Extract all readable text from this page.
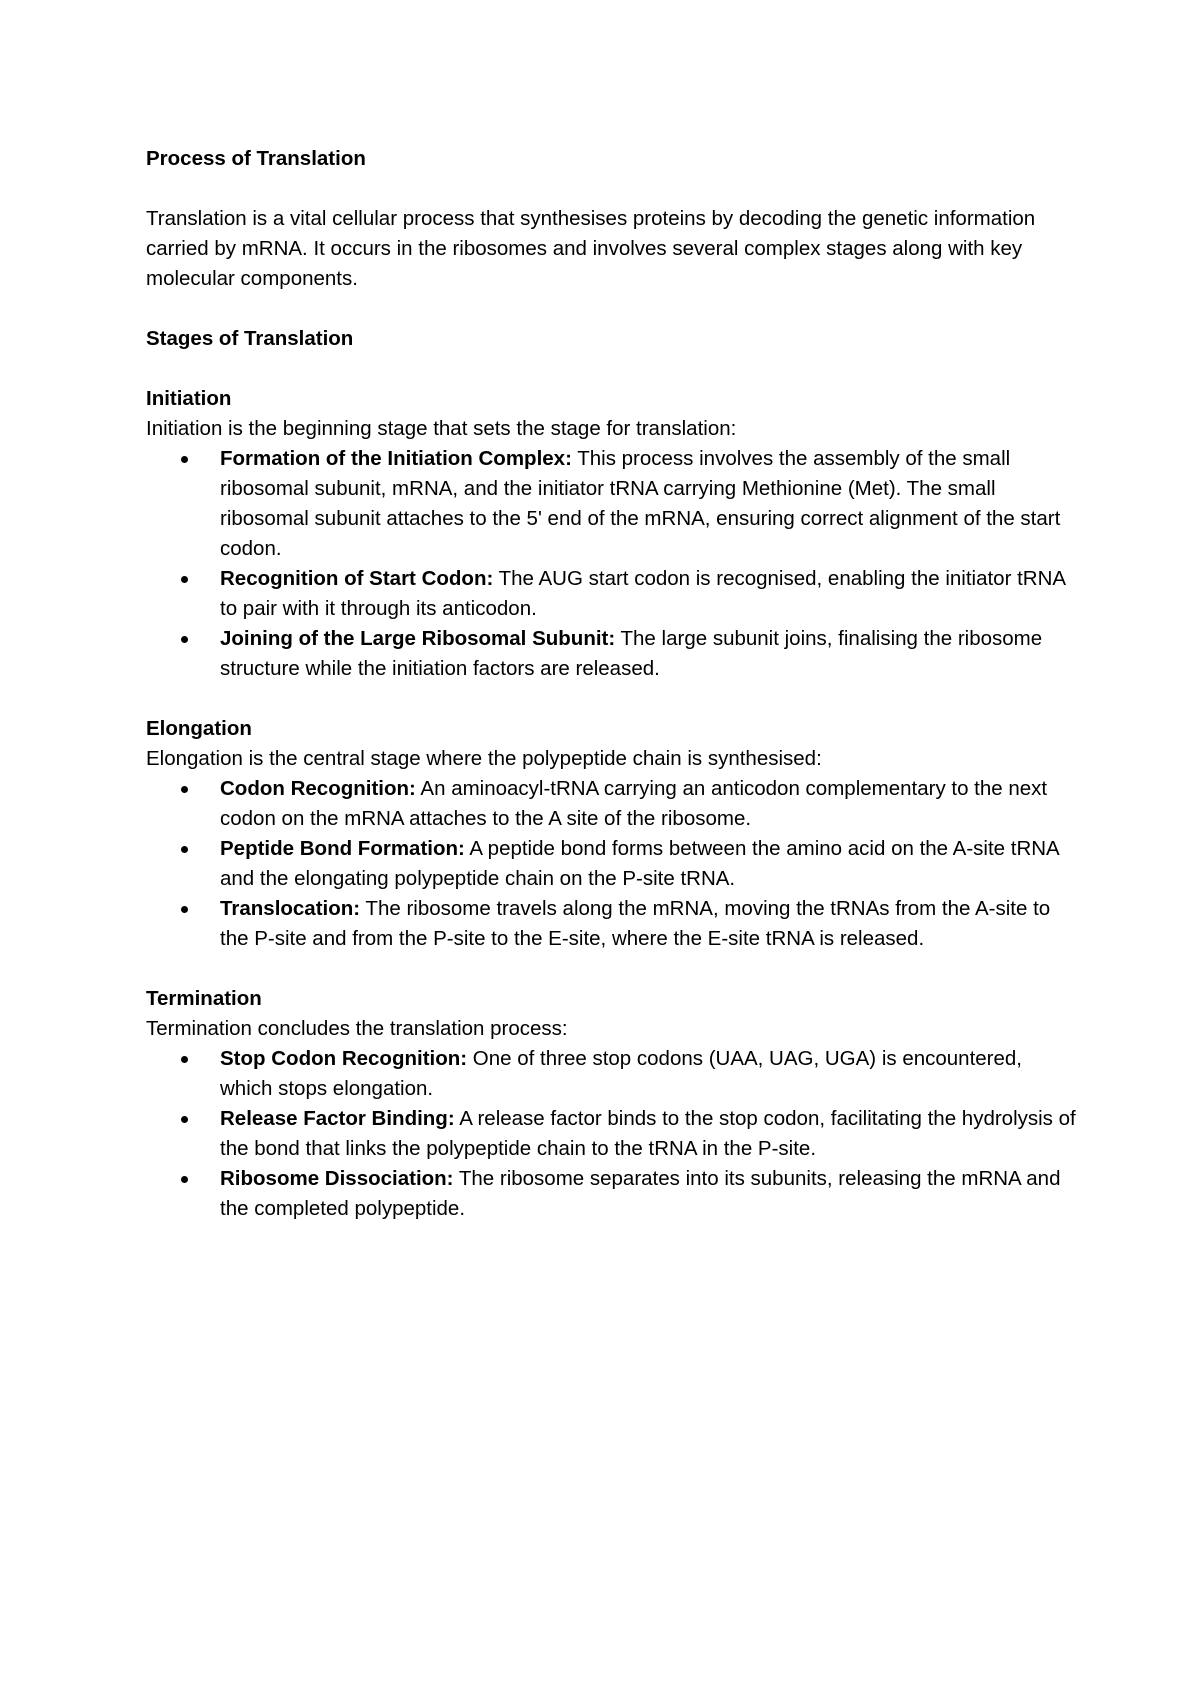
Process of Translation

Translation is a vital cellular process that synthesises proteins by decoding the genetic information carried by mRNA. It occurs in the ribosomes and involves several complex stages along with key molecular components.

Stages of Translation

Initiation

Initiation is the beginning stage that sets the stage for translation:

Formation of the Initiation Complex: This process involves the assembly of the small ribosomal subunit, mRNA, and the initiator tRNA carrying Methionine (Met). The small ribosomal subunit attaches to the 5' end of the mRNA, ensuring correct alignment of the start codon.
Recognition of Start Codon: The AUG start codon is recognised, enabling the initiator tRNA to pair with it through its anticodon.
Joining of the Large Ribosomal Subunit: The large subunit joins, finalising the ribosome structure while the initiation factors are released.

Elongation

Elongation is the central stage where the polypeptide chain is synthesised:

Codon Recognition: An aminoacyl-tRNA carrying an anticodon complementary to the next codon on the mRNA attaches to the A site of the ribosome.
Peptide Bond Formation: A peptide bond forms between the amino acid on the A-site tRNA and the elongating polypeptide chain on the P-site tRNA.
Translocation: The ribosome travels along the mRNA, moving the tRNAs from the A-site to the P-site and from the P-site to the E-site, where the E-site tRNA is released.

Termination

Termination concludes the translation process:

Stop Codon Recognition: One of three stop codons (UAA, UAG, UGA) is encountered, which stops elongation.
Release Factor Binding: A release factor binds to the stop codon, facilitating the hydrolysis of the bond that links the polypeptide chain to the tRNA in the P-site.
Ribosome Dissociation: The ribosome separates into its subunits, releasing the mRNA and the completed polypeptide.
